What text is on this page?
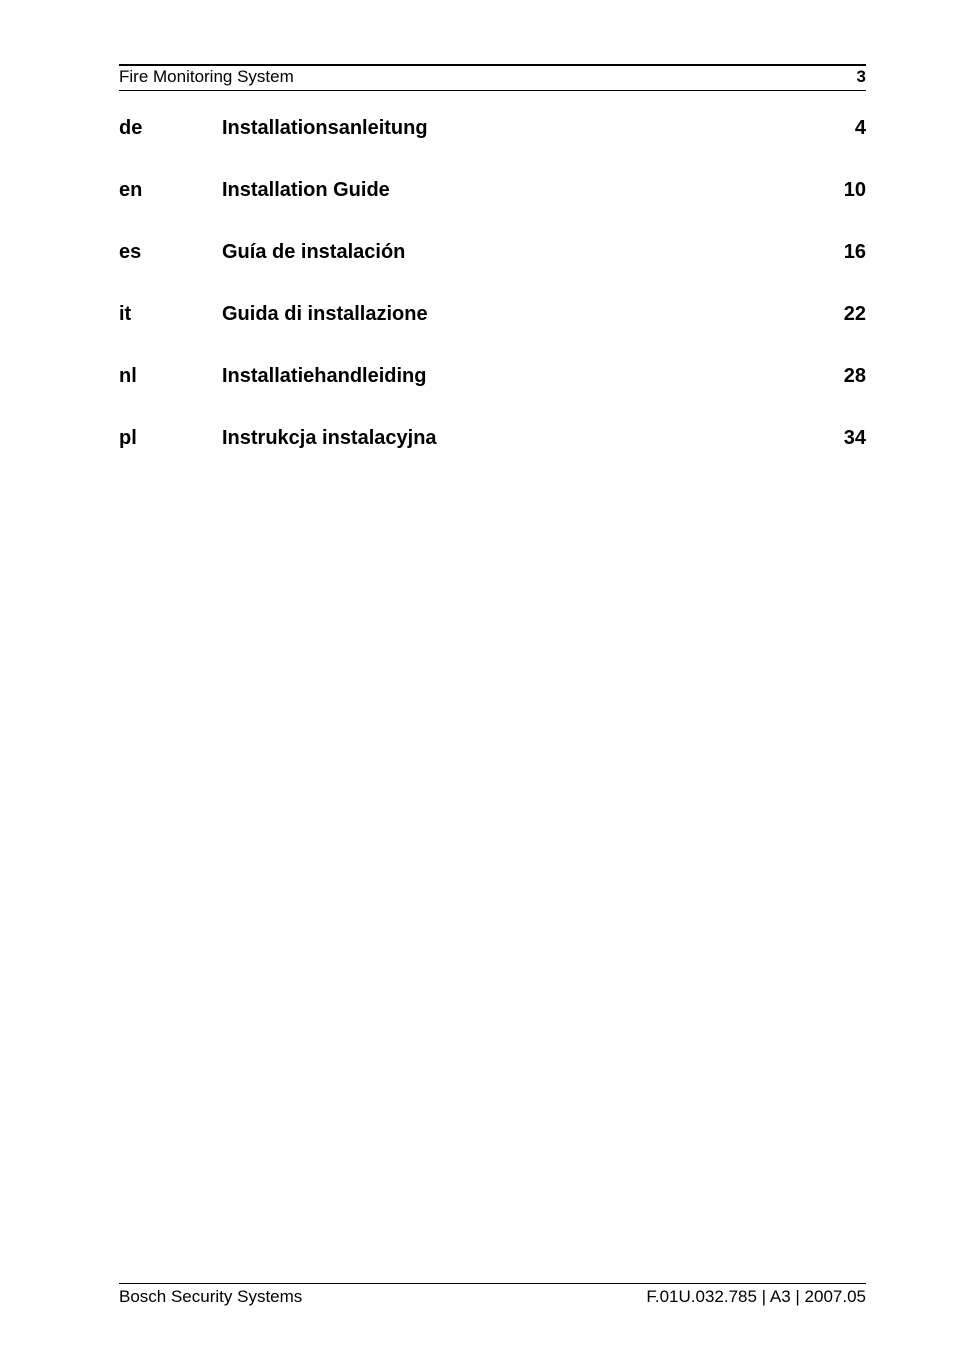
Fire Monitoring System	3
de	Installationsanleitung	4
en	Installation Guide	10
es	Guía de instalación	16
it	Guida di installazione	22
nl	Installatiehandleiding	28
pl	Instrukcja instalacyjna	34
Bosch Security Systems	F.01U.032.785 | A3 | 2007.05
